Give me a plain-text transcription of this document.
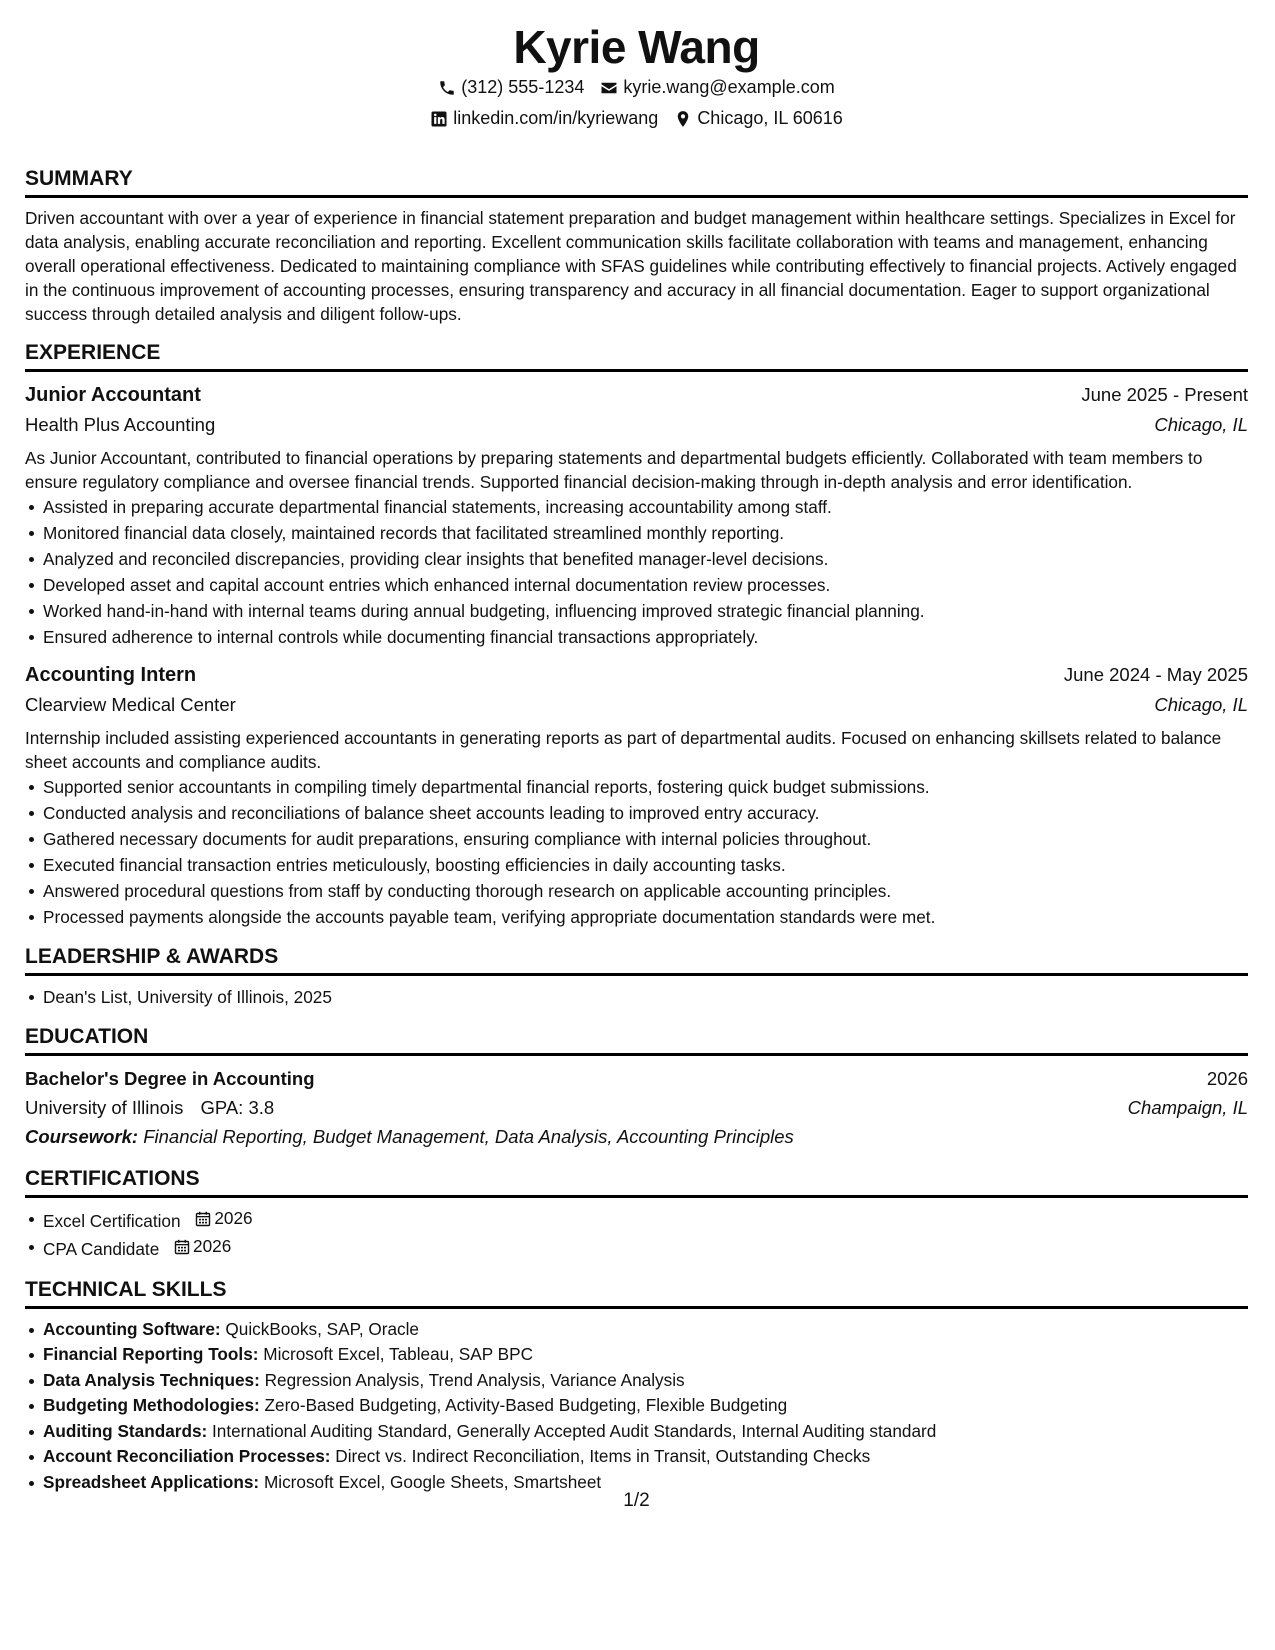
Kyrie Wang
(312) 555-1234 kyrie.wang@example.com
linkedin.com/in/kyriewang Chicago, IL 60616
SUMMARY
Driven accountant with over a year of experience in financial statement preparation and budget management within healthcare settings. Specializes in Excel for data analysis, enabling accurate reconciliation and reporting. Excellent communication skills facilitate collaboration with teams and management, enhancing overall operational effectiveness. Dedicated to maintaining compliance with SFAS guidelines while contributing effectively to financial projects. Actively engaged in the continuous improvement of accounting processes, ensuring transparency and accuracy in all financial documentation. Eager to support organizational success through detailed analysis and diligent follow-ups.
EXPERIENCE
Junior Accountant	June 2025 - Present
Health Plus Accounting	Chicago, IL
As Junior Accountant, contributed to financial operations by preparing statements and departmental budgets efficiently. Collaborated with team members to ensure regulatory compliance and oversee financial trends. Supported financial decision-making through in-depth analysis and error identification.
Assisted in preparing accurate departmental financial statements, increasing accountability among staff.
Monitored financial data closely, maintained records that facilitated streamlined monthly reporting.
Analyzed and reconciled discrepancies, providing clear insights that benefited manager-level decisions.
Developed asset and capital account entries which enhanced internal documentation review processes.
Worked hand-in-hand with internal teams during annual budgeting, influencing improved strategic financial planning.
Ensured adherence to internal controls while documenting financial transactions appropriately.
Accounting Intern	June 2024 - May 2025
Clearview Medical Center	Chicago, IL
Internship included assisting experienced accountants in generating reports as part of departmental audits. Focused on enhancing skillsets related to balance sheet accounts and compliance audits.
Supported senior accountants in compiling timely departmental financial reports, fostering quick budget submissions.
Conducted analysis and reconciliations of balance sheet accounts leading to improved entry accuracy.
Gathered necessary documents for audit preparations, ensuring compliance with internal policies throughout.
Executed financial transaction entries meticulously, boosting efficiencies in daily accounting tasks.
Answered procedural questions from staff by conducting thorough research on applicable accounting principles.
Processed payments alongside the accounts payable team, verifying appropriate documentation standards were met.
LEADERSHIP & AWARDS
Dean's List, University of Illinois, 2025
EDUCATION
Bachelor's Degree in Accounting	2026
University of Illinois GPA: 3.8	Champaign, IL
Coursework: Financial Reporting, Budget Management, Data Analysis, Accounting Principles
CERTIFICATIONS
Excel Certification 2026
CPA Candidate 2026
TECHNICAL SKILLS
Accounting Software: QuickBooks, SAP, Oracle
Financial Reporting Tools: Microsoft Excel, Tableau, SAP BPC
Data Analysis Techniques: Regression Analysis, Trend Analysis, Variance Analysis
Budgeting Methodologies: Zero-Based Budgeting, Activity-Based Budgeting, Flexible Budgeting
Auditing Standards: International Auditing Standard, Generally Accepted Audit Standards, Internal Auditing standard
Account Reconciliation Processes: Direct vs. Indirect Reconciliation, Items in Transit, Outstanding Checks
Spreadsheet Applications: Microsoft Excel, Google Sheets, Smartsheet
1/2
